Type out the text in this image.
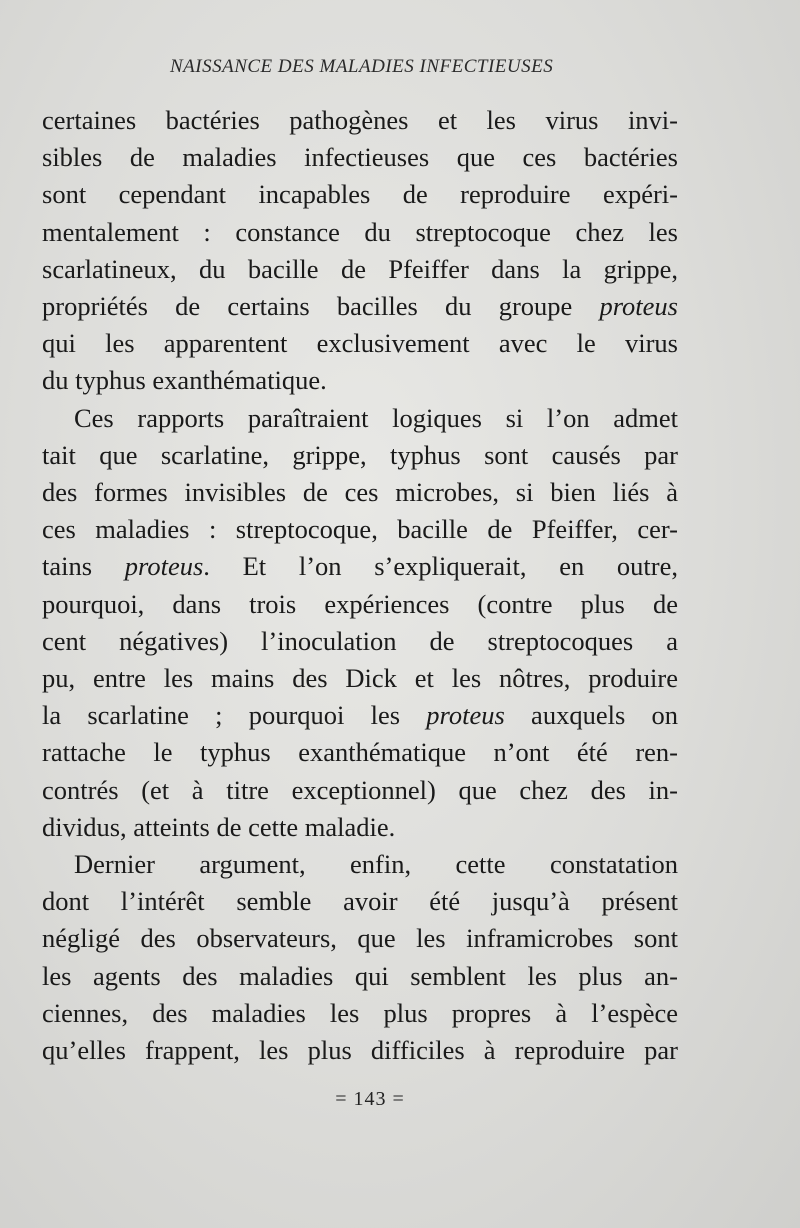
NAISSANCE DES MALADIES INFECTIEUSES
certaines bactéries pathogènes et les virus invi-
sibles de maladies infectieuses que ces bactéries
sont cependant incapables de reproduire expéri-
mentalement : constance du streptocoque chez les
scarlatineux, du bacille de Pfeiffer dans la grippe,
propriétés de certains bacilles du groupe proteus
qui les apparentent exclusivement avec le virus
du typhus exanthématique.
Ces rapports paraîtraient logiques si l’on admet
tait que scarlatine, grippe, typhus sont causés par
des formes invisibles de ces microbes, si bien liés à
ces maladies : streptocoque, bacille de Pfeiffer, cer-
tains proteus. Et l’on s’expliquerait, en outre,
pourquoi, dans trois expériences (contre plus de
cent négatives) l’inoculation de streptocoques a
pu, entre les mains des Dick et les nôtres, produire
la scarlatine ; pourquoi les proteus auxquels on
rattache le typhus exanthématique n’ont été ren-
contrés (et à titre exceptionnel) que chez des in-
dividus, atteints de cette maladie.
Dernier argument, enfin, cette constatation
dont l’intérêt semble avoir été jusqu’à présent
négligé des observateurs, que les inframicrobes sont
les agents des maladies qui semblent les plus an-
ciennes, des maladies les plus propres à l’espèce
qu’elles frappent, les plus difficiles à reproduire par
= 143 =
